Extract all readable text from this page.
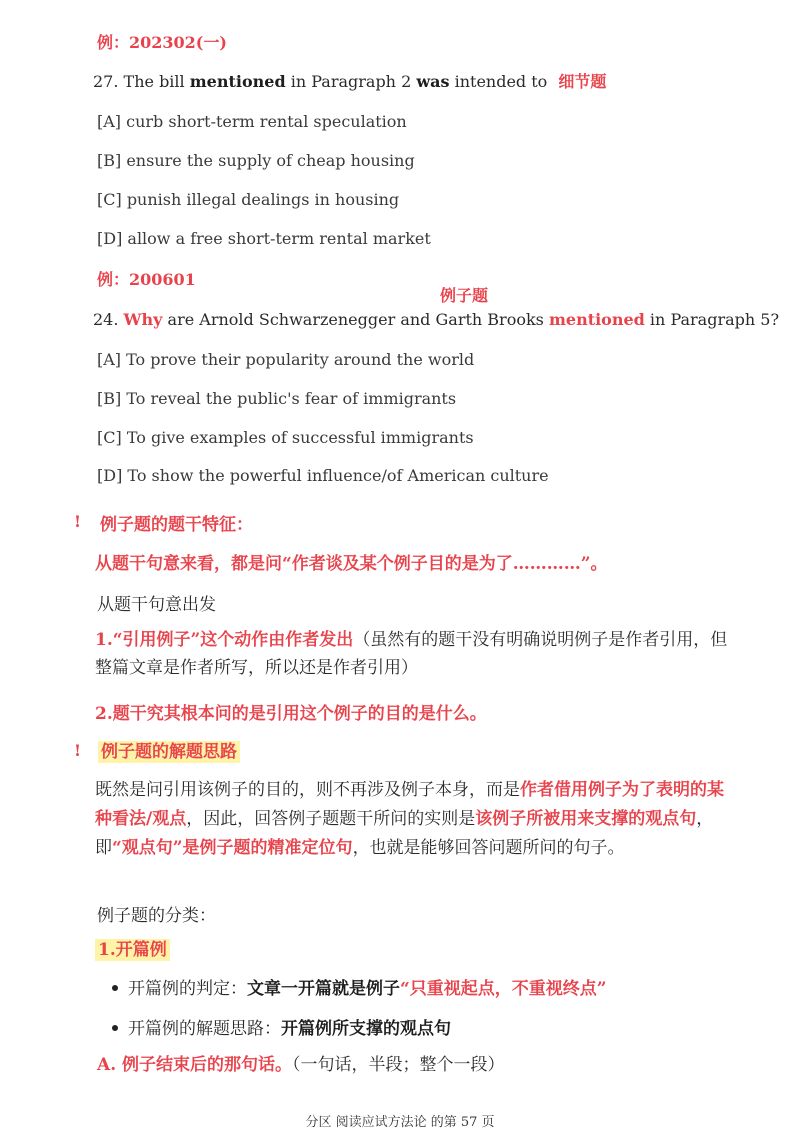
例：202302(一)
27. The bill mentioned in Paragraph 2 was intended to 细节题
[A] curb short-term rental speculation
[B] ensure the supply of cheap housing
[C] punish illegal dealings in housing
[D] allow a free short-term rental market
例：200601
例子题
24. Why are Arnold Schwarzenegger and Garth Brooks mentioned in Paragraph 5?
[A] To prove their popularity around the world
[B] To reveal the public's fear of immigrants
[C] To give examples of successful immigrants
[D] To show the powerful influence/of American culture
! 例子题的题干特征：
从题干句意来看，都是问“作者谈及某个例子目的是为了…………”。
从题干句意出发
1.“引用例子”这个动作由作者发出（虽然有的题干没有明确说明例子是作者引用，但整篇文章是作者所写，所以还是作者引用）
2.题干究其根本问的是引用这个例子的目的是什么。
! 例子题的解题思路
既然是问引用该例子的目的，则不再涉及例子本身，而是作者借用例子为了表明的某种看法/观点，因此，回答例子题题干所问的实则是该例子所被用来支撑的观点句，即“观点句”是例子题的精准定位句，也就是能够回答问题所问的句子。
例子题的分类：
1.开篇例
开篇例的判定：文章一开篇就是例子“只重视起点，不重视终点”
开篇例的解题思路：开篇例所支撑的观点句
A. 例子结束后的那句话。（一句话，半段；整个一段）
分区 阅读应试方法论 的第 57 页
